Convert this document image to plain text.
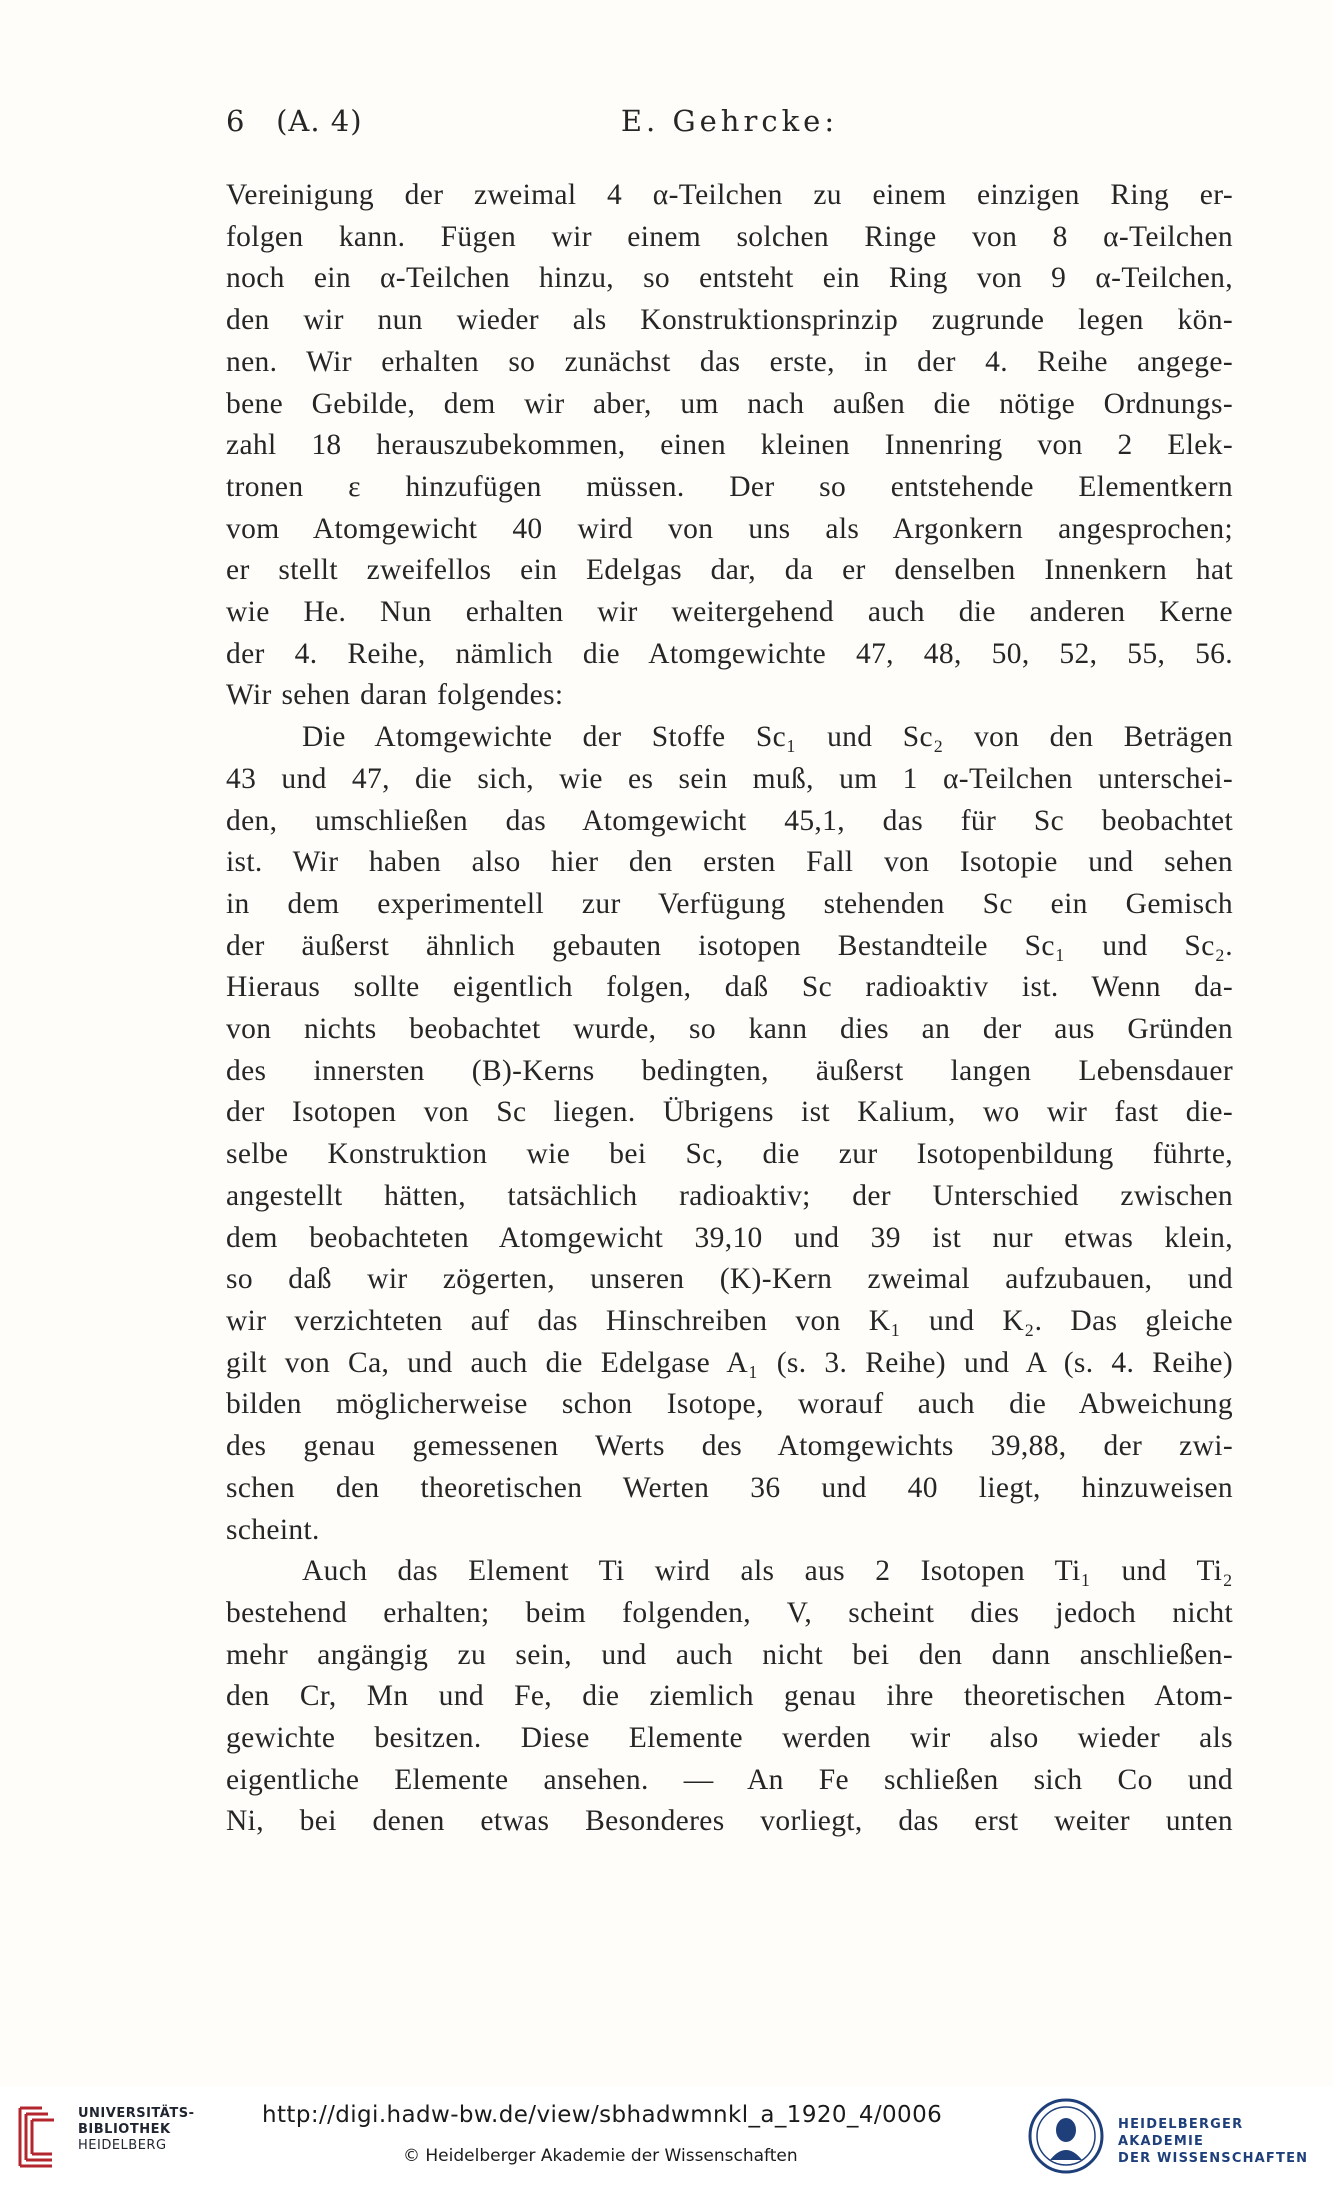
6 (A. 4)	E. Gehrcke:

Vereinigung der zweimal 4 α-Teilchen zu einem einzigen Ring er-
folgen kann. Fügen wir einem solchen Ringe von 8 α-Teilchen
noch ein α-Teilchen hinzu, so entsteht ein Ring von 9 α-Teilchen,
den wir nun wieder als Konstruktionsprinzip zugrunde legen kön-
nen. Wir erhalten so zunächst das erste, in der 4. Reihe angege-
bene Gebilde, dem wir aber, um nach außen die nötige Ordnungs-
zahl 18 herauszubekommen, einen kleinen Innenring von 2 Elek-
tronen ε hinzufügen müssen. Der so entstehende Elementkern
vom Atomgewicht 40 wird von uns als Argonkern angesprochen;
er stellt zweifellos ein Edelgas dar, da er denselben Innenkern hat
wie He. Nun erhalten wir weitergehend auch die anderen Kerne
der 4. Reihe, nämlich die Atomgewichte 47, 48, 50, 52, 55, 56.
Wir sehen daran folgendes:

Die Atomgewichte der Stoffe Sc₁ und Sc₂ von den Beträgen
43 und 47, die sich, wie es sein muß, um 1 α-Teilchen unterschei-
den, umschließen das Atomgewicht 45,1, das für Sc beobachtet
ist. Wir haben also hier den ersten Fall von Isotopie und sehen
in dem experimentell zur Verfügung stehenden Sc ein Gemisch
der äußerst ähnlich gebauten isotopen Bestandteile Sc₁ und Sc₂.
Hieraus sollte eigentlich folgen, daß Sc radioaktiv ist. Wenn da-
von nichts beobachtet wurde, so kann dies an der aus Gründen
des innersten (B)-Kerns bedingten, äußerst langen Lebensdauer
der Isotopen von Sc liegen. Übrigens ist Kalium, wo wir fast die-
selbe Konstruktion wie bei Sc, die zur Isotopenbildung führte,
angestellt hätten, tatsächlich radioaktiv; der Unterschied zwischen
dem beobachteten Atomgewicht 39,10 und 39 ist nur etwas klein,
so daß wir zögerten, unseren (K)-Kern zweimal aufzubauen, und
wir verzichteten auf das Hinschreiben von K₁ und K₂. Das gleiche
gilt von Ca, und auch die Edelgase A₁ (s. 3. Reihe) und A (s. 4. Reihe)
bilden möglicherweise schon Isotope, worauf auch die Abweichung
des genau gemessenen Werts des Atomgewichts 39,88, der zwi-
schen den theoretischen Werten 36 und 40 liegt, hinzuweisen
scheint.

Auch das Element Ti wird als aus 2 Isotopen Ti₁ und Ti₂
bestehend erhalten; beim folgenden, V, scheint dies jedoch nicht
mehr angängig zu sein, und auch nicht bei den dann anschließen-
den Cr, Mn und Fe, die ziemlich genau ihre theoretischen Atom-
gewichte besitzen. Diese Elemente werden wir also wieder als
eigentliche Elemente ansehen. — An Fe schließen sich Co und
Ni, bei denen etwas Besonderes vorliegt, das erst weiter unten

UNIVERSITÄTS-
BIBLIOTHEK
HEIDELBERG
http://digi.hadw-bw.de/view/sbhadwmnkl_a_1920_4/0006
© Heidelberger Akademie der Wissenschaften
HEIDELBERGER AKADEMIE
DER WISSENSCHAFTEN
